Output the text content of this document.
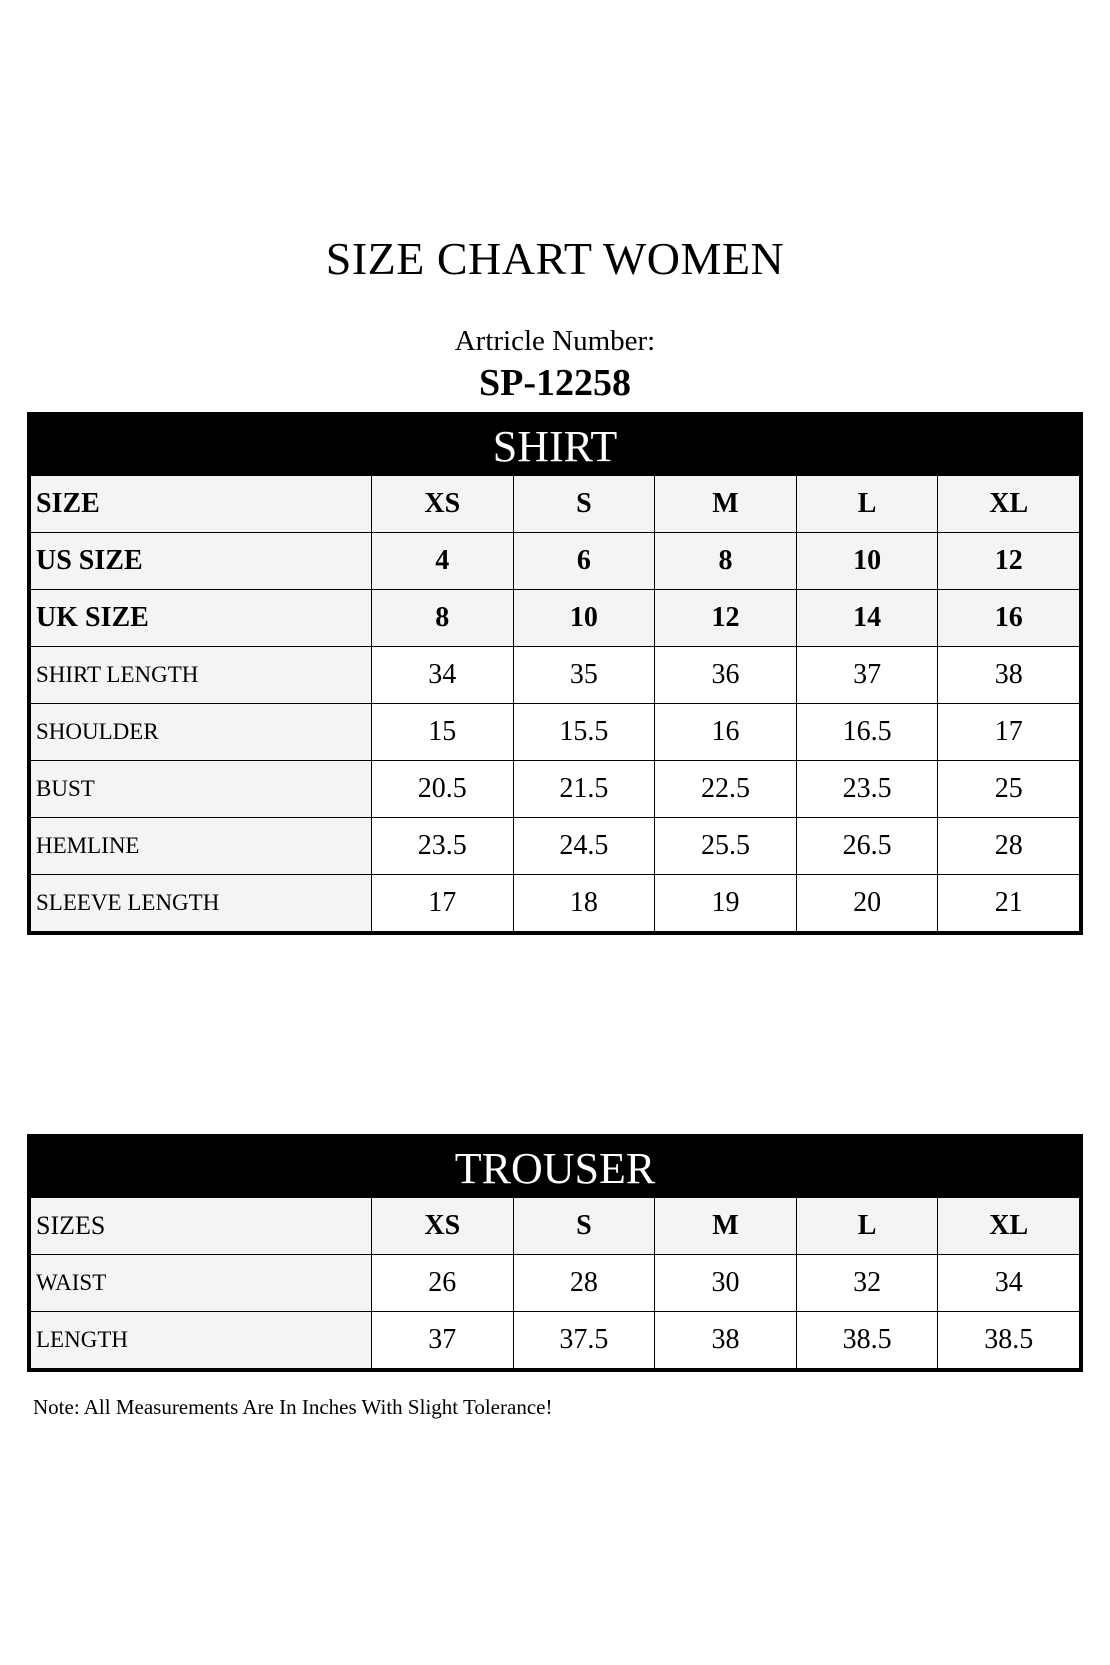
SIZE CHART WOMEN
Artricle Number:
SP-12258
SHIRT
SIZE	XS	S	M	L	XL
US SIZE	4	6	8	10	12
UK SIZE	8	10	12	14	16
SHIRT LENGTH	34	35	36	37	38
SHOULDER	15	15.5	16	16.5	17
BUST	20.5	21.5	22.5	23.5	25
HEMLINE	23.5	24.5	25.5	26.5	28
SLEEVE LENGTH	17	18	19	20	21
TROUSER
SIZES	XS	S	M	L	XL
WAIST	26	28	30	32	34
LENGTH	37	37.5	38	38.5	38.5
Note: All Measurements Are In Inches With Slight Tolerance!
